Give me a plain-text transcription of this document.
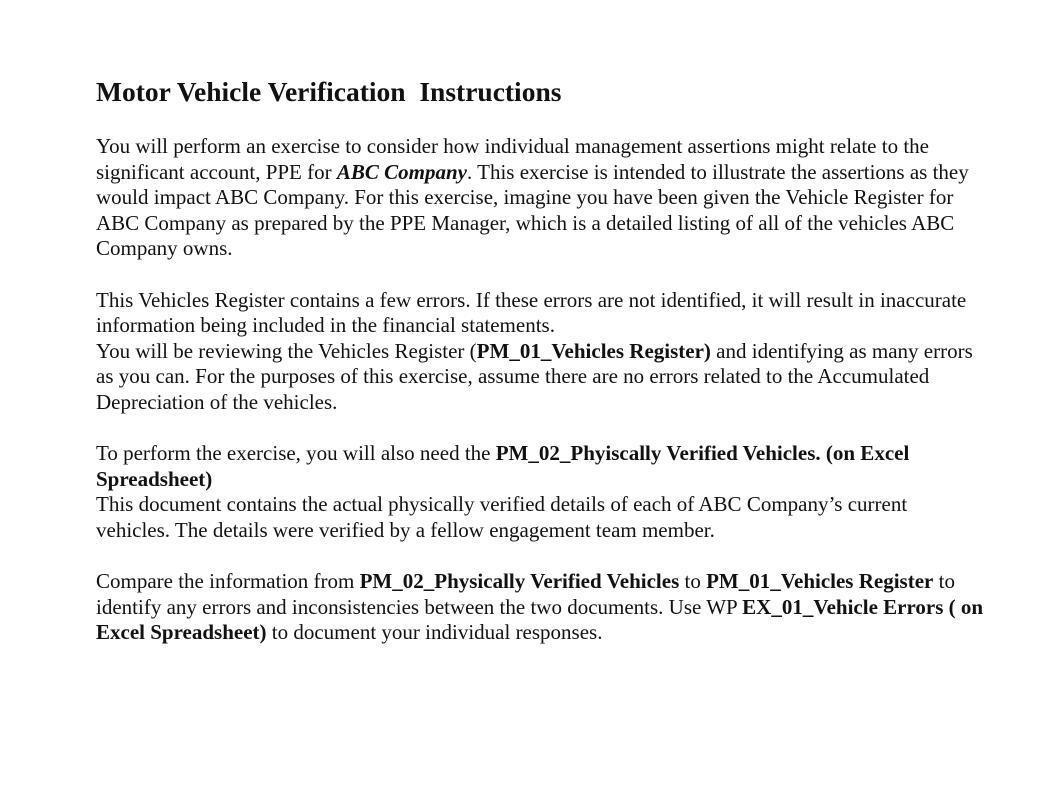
Motor Vehicle Verification  Instructions

You will perform an exercise to consider how individual management assertions might relate to the significant account, PPE for ABC Company. This exercise is intended to illustrate the assertions as they would impact ABC Company. For this exercise, imagine you have been given the Vehicle Register for ABC Company as prepared by the PPE Manager, which is a detailed listing of all of the vehicles ABC Company owns.

This Vehicles Register contains a few errors. If these errors are not identified, it will result in inaccurate information being included in the financial statements.

You will be reviewing the Vehicles Register (PM_01_Vehicles Register) and identifying as many errors as you can. For the purposes of this exercise, assume there are no errors related to the Accumulated Depreciation of the vehicles.

To perform the exercise, you will also need the PM_02_Phyiscally Verified Vehicles. (on Excel Spreadsheet)

This document contains the actual physically verified details of each of ABC Company’s current vehicles. The details were verified by a fellow engagement team member.

Compare the information from PM_02_Physically Verified Vehicles to PM_01_Vehicles Register to identify any errors and inconsistencies between the two documents. Use WP EX_01_Vehicle Errors ( on Excel Spreadsheet) to document your individual responses.
